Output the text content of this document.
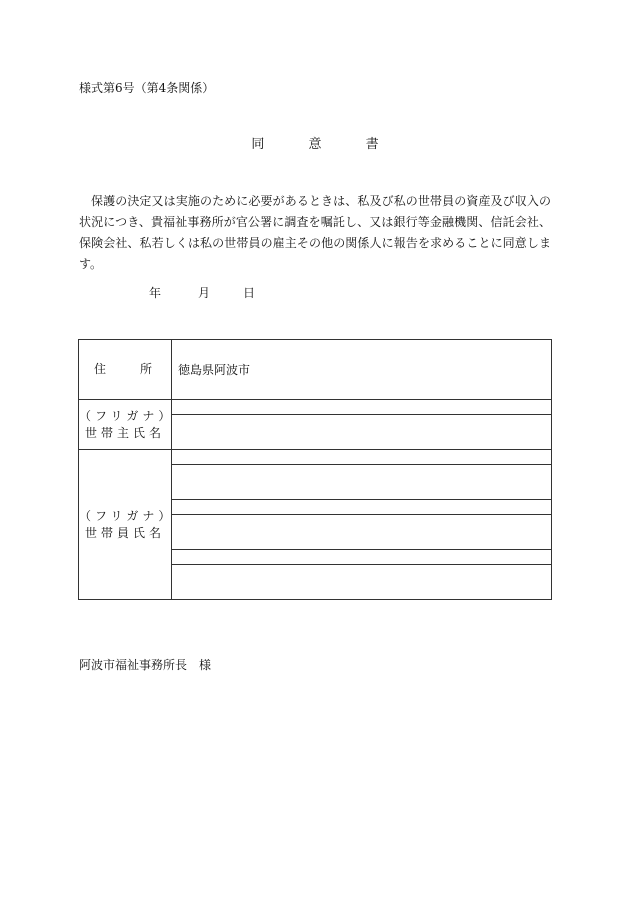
様式第6号（第4条関係）
同	意	書
保護の決定又は実施のために必要があるときは、私及び私の世帯員の資産及び収入の状況につき、貴福祉事務所が官公署に調査を嘱託し、又は銀行等金融機関、信託会社、保険会社、私若しくは私の世帯員の雇主その他の関係人に報告を求めることに同意します。
年	月	日
住 所	徳島県阿波市

（フリガナ）
世帯主氏名	

（フリガナ）
世帯員氏名	

阿波市福祉事務所長　様
